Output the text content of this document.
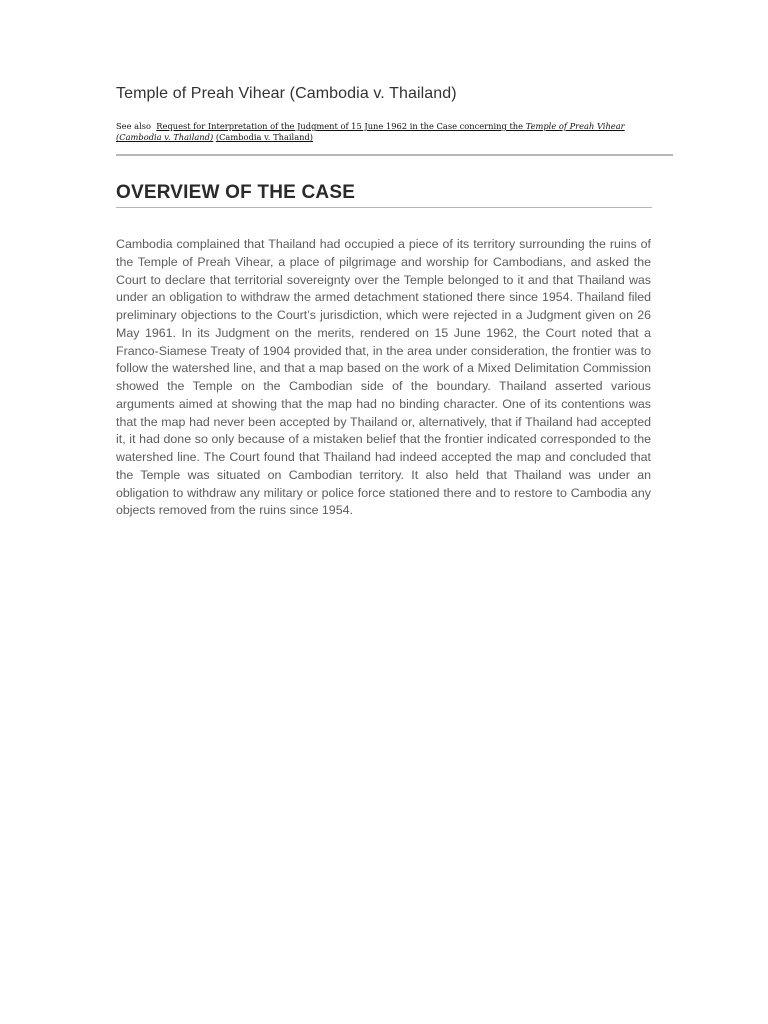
Temple of Preah Vihear (Cambodia v. Thailand)
See also Request for Interpretation of the Judgment of 15 June 1962 in the Case concerning the Temple of Preah Vihear (Cambodia v. Thailand) (Cambodia v. Thailand)
OVERVIEW OF THE CASE

Cambodia complained that Thailand had occupied a piece of its territory surrounding the ruins of the Temple of Preah Vihear, a place of pilgrimage and worship for Cambodians, and asked the Court to declare that territorial sovereignty over the Temple belonged to it and that Thailand was under an obligation to withdraw the armed detachment stationed there since 1954. Thailand filed preliminary objections to the Court’s jurisdiction, which were rejected in a Judgment given on 26 May 1961. In its Judgment on the merits, rendered on 15 June 1962, the Court noted that a Franco-Siamese Treaty of 1904 provided that, in the area under consideration, the frontier was to follow the watershed line, and that a map based on the work of a Mixed Delimitation Commission showed the Temple on the Cambodian side of the boundary. Thailand asserted various arguments aimed at showing that the map had no binding character. One of its contentions was that the map had never been accepted by Thailand or, alternatively, that if Thailand had accepted it, it had done so only because of a mistaken belief that the frontier indicated corresponded to the watershed line. The Court found that Thailand had indeed accepted the map and concluded that the Temple was situated on Cambodian territory. It also held that Thailand was under an obligation to withdraw any military or police force stationed there and to restore to Cambodia any objects removed from the ruins since 1954.
